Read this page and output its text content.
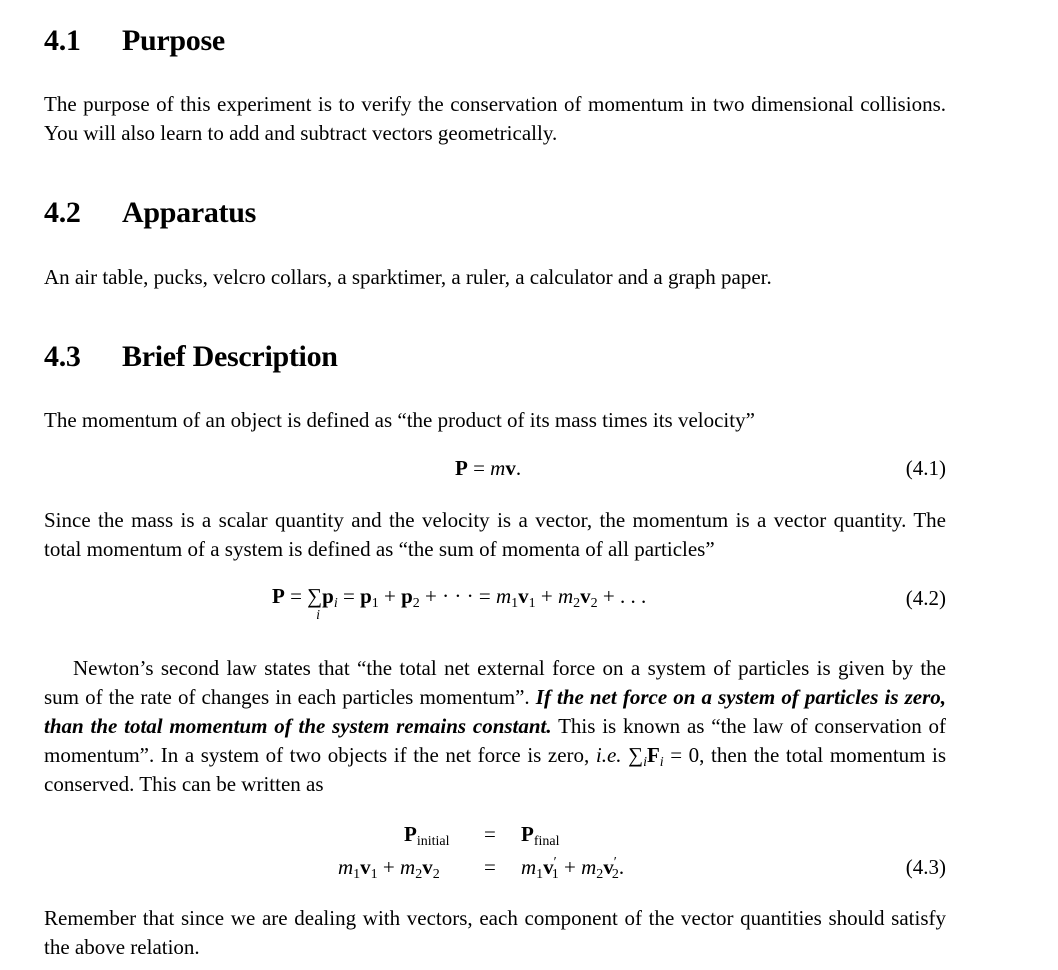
4.1 Purpose
The purpose of this experiment is to verify the conservation of momentum in two dimensional collisions. You will also learn to add and subtract vectors geometrically.
4.2 Apparatus
An air table, pucks, velcro collars, a sparktimer, a ruler, a calculator and a graph paper.
4.3 Brief Description
The momentum of an object is defined as “the product of its mass times its velocity”
P = mv.	(4.1)
Since the mass is a scalar quantity and the velocity is a vector, the momentum is a vector quantity. The total momentum of a system is defined as “the sum of momenta of all particles”
P = ∑
i
$p_i = p_1 + p_2$ + · · · = $m_1v_1 + m_2v_2$ + . . .	(4.2)
Newton’s second law states that “the total net external force on a system of particles is given by the sum of the rate of changes in each particles momentum”. If the net force on a system of particles is zero, than the total momentum of the system remains constant. This is known as “the law of conservation of momentum”. In a system of two objects if the net force is zero, i.e. $\sum_iF_i = 0$, then the total momentum is conserved. This can be written as
$P_{initial} = P_{final}$
$m_1v_1 + m_2v_2 = m_1v'_1 + m_2v'_2$.	(4.3)
Remember that since we are dealing with vectors, each component of the vector quantities should satisfy the above relation.
